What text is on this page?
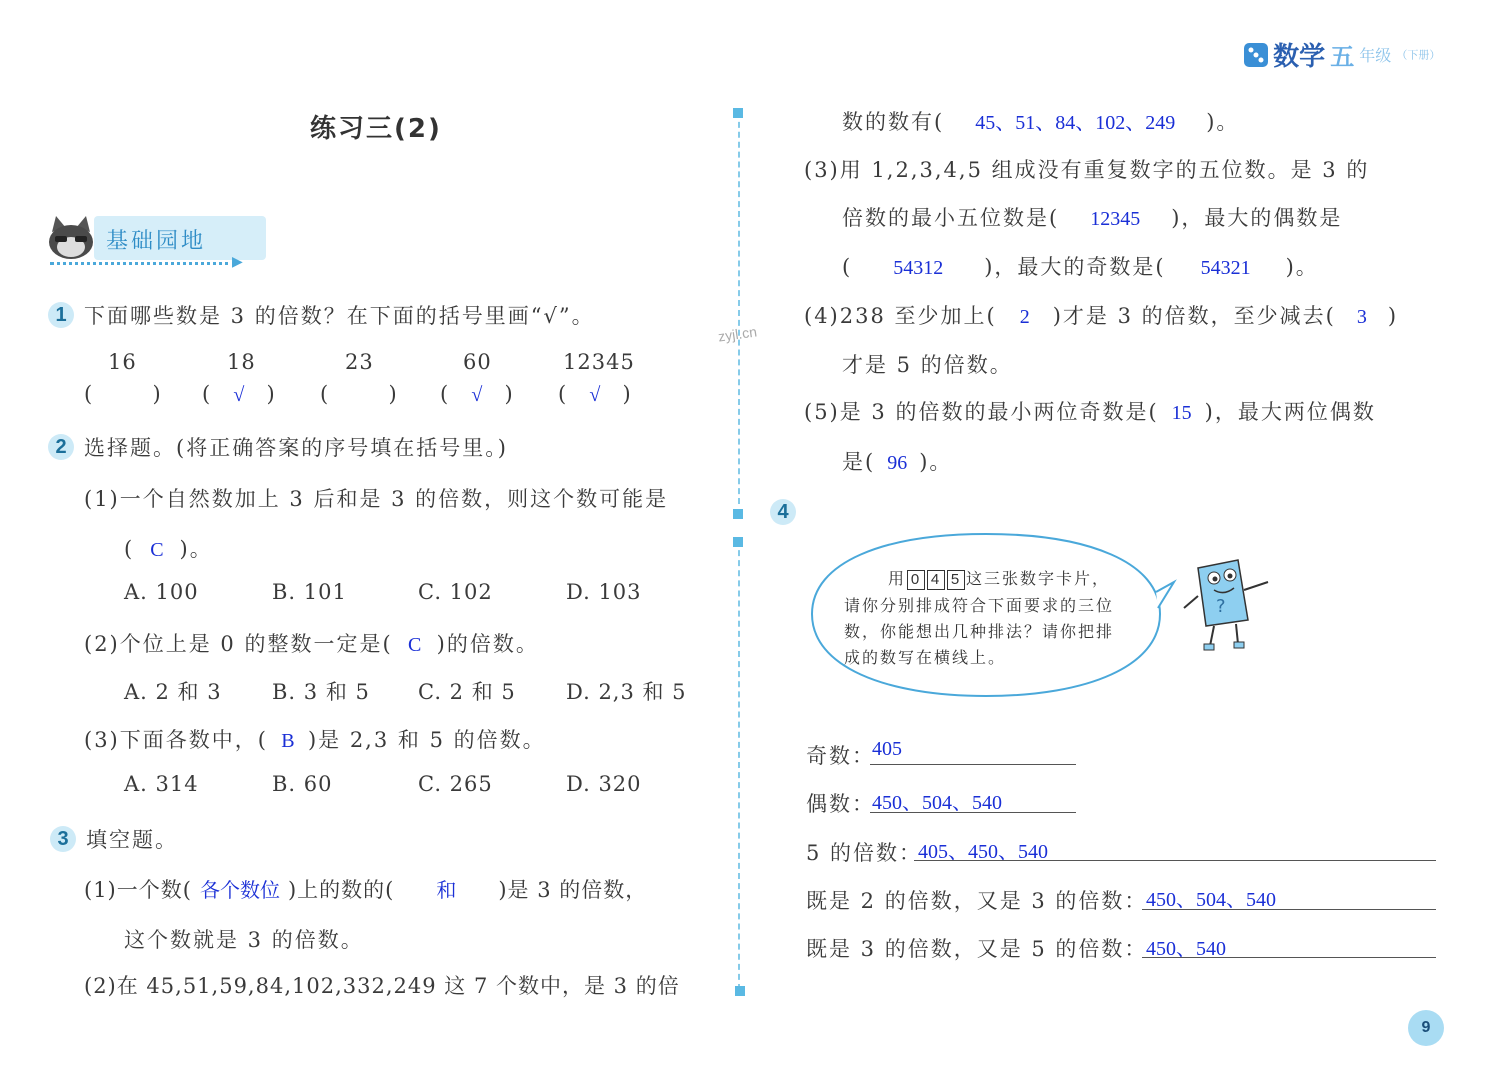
数学 五 年级 （下册）
练习三(2)
基础园地
▶
1 下面哪些数是 3 的倍数？在下面的括号里画“√”。
16	18	23	60	12345
(  ) ( √ ) (  ) ( √ ) ( √ )
2 选择题。(将正确答案的序号填在括号里。)
(1)一个自然数加上 3 后和是 3 的倍数，则这个数可能是
( C )。
A. 100	B. 101	C. 102	D. 103
(2)个位上是 0 的整数一定是( C )的倍数。
A. 2 和 3 B. 3 和 5 C. 2 和 5 D. 2,3 和 5
(3)下面各数中，( B )是 2,3 和 5 的倍数。
A. 314	B. 60	C. 265	D. 320
3 填空题。
(1)一个数( 各个数位 )上的数的( 和 )是 3 的倍数，
这个数就是 3 的倍数。
(2)在 45,51,59,84,102,332,249 这 7 个数中，是 3 的倍
数的数有( 45、51、84、102、249 )。
(3)用 1,2,3,4,5 组成没有重复数字的五位数。是 3 的
倍数的最小五位数是( 12345 )，最大的偶数是
( 54312 )，最大的奇数是( 54321 )。
(4)238 至少加上( 2 )才是 3 的倍数，至少减去( 3 )
才是 5 的倍数。
(5)是 3 的倍数的最小两位奇数是( 15 )，最大两位偶数
是( 96 )。
4
用 0 4 5 这三张数字卡片，
请你分别排成符合下面要求的三位
数，你能想出几种排法？请你把排
成的数写在横线上。
?
奇数：
405
偶数：
450、504、540
5 的倍数：
405、450、540
既是 2 的倍数，又是 3 的倍数：
450、504、540
既是 3 的倍数，又是 5 的倍数：
450、540
zyjl.cn
9
